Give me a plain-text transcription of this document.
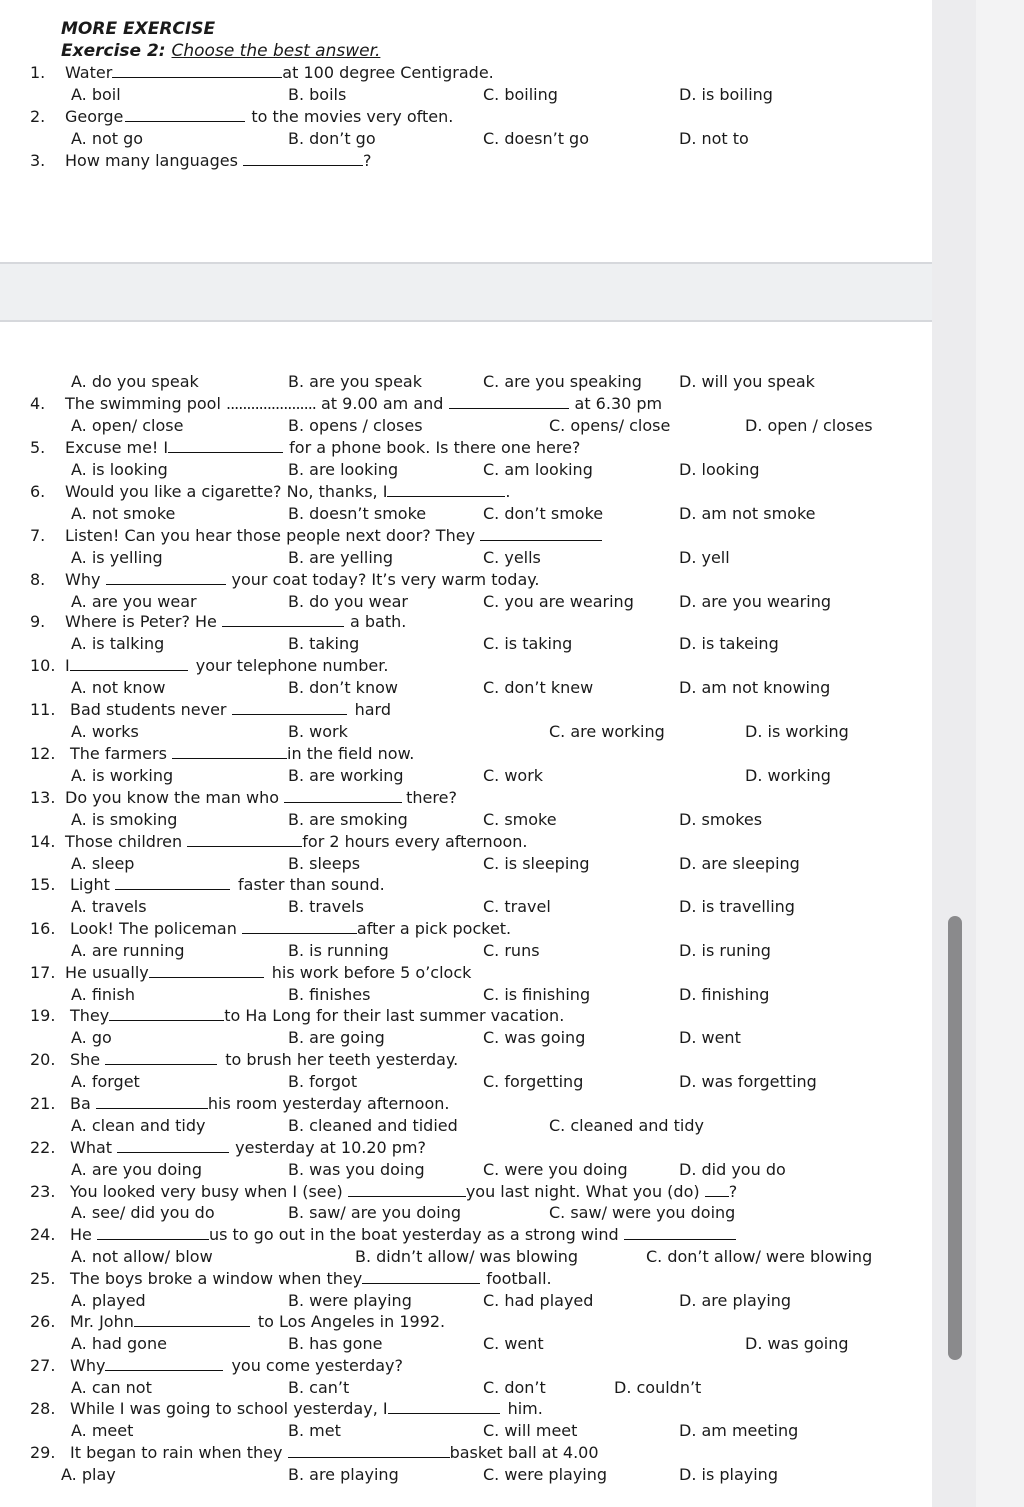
MORE EXERCISE
Exercise 2: Choose the best answer.
1. Water	at 100 degree Centigrade.
A. boil	B. boils	C. boiling	D. is boiling
2. George	to the movies very often.
A. not go	B. don’t go	C. doesn’t go	D. not to
3. How many languages	?
A. do you speak	B. are you speak	C. are you speaking D. will you speak
4. The swimming pool ...................... at 9.00 am and	at 6.30 pm
A. open/ close	B. opens / closes	C. opens/ close	D. open / closes
5. Excuse me! I	for a phone book. Is there one here?
A. is looking	B. are looking	C. am looking	D. looking
6. Would you like a cigarette? No, thanks, I	.
A. not smoke	B. doesn’t smoke	C. don’t smoke	D. am not smoke
7. Listen! Can you hear those people next door? They
A. is yelling	B. are yelling	C. yells	D. yell
8. Why	your coat today? It’s very warm today.
A. are you wear	B. do you wear	C. you are wearing	D. are you wearing
9. Where is Peter? He	a bath.
A. is talking	B. taking	C. is taking	D. is takeing
10. I	your telephone number.
A. not know	B. don’t know	C. don’t knew	D. am not knowing
11. Bad students never	hard
A. works	B. work	C. are working	D. is working
12. The farmers	in the field now.
A. is working	B. are working	C. work	D. working
13. Do you know the man who	there?
A. is smoking	B. are smoking	C. smoke	D. smokes
14. Those children	for 2 hours every afternoon.
A. sleep	B. sleeps	C. is sleeping	D. are sleeping
15. Light	faster than sound.
A. travels	B. travels	C. travel	D. is travelling
16. Look! The policeman	after a pick pocket.
A. are running	B. is running	C. runs	D. is runing
17. He usually	his work before 5 o’clock
A. finish	B. finishes	C. is finishing	D. finishing
19. They	to Ha Long for their last summer vacation.
A. go	B. are going	C. was going	D. went
20. She	to brush her teeth yesterday.
A. forget	B. forgot	C. forgetting	D. was forgetting
21. Ba	his room yesterday afternoon.
A. clean and tidy	B. cleaned and tidied	C. cleaned and tidy
22. What	yesterday at 10.20 pm?
A. are you doing	B. was you doing	C. were you doing	D. did you do
23. You looked very busy when I (see)	you last night. What you (do) ?
A. see/ did you do	B. saw/ are you doing	C. saw/ were you doing
24. He	us to go out in the boat yesterday as a strong wind
A. not allow/ blow	B. didn’t allow/ was blowing	C. don’t allow/ were blowing
25. The boys broke a window when they	football.
A. played	B. were playing	C. had played	D. are playing
26. Mr. John	to Los Angeles in 1992.
A. had gone	B. has gone	C. went	D. was going
27. Why	you come yesterday?
A. can not	B. can’t	C. don’t	D. couldn’t
28. While I was going to school yesterday, I	him.
A. meet	B. met	C. will meet	D. am meeting
29. It began to rain when they	basket ball at 4.00
A. play	B. are playing	C. were playing	D. is playing
